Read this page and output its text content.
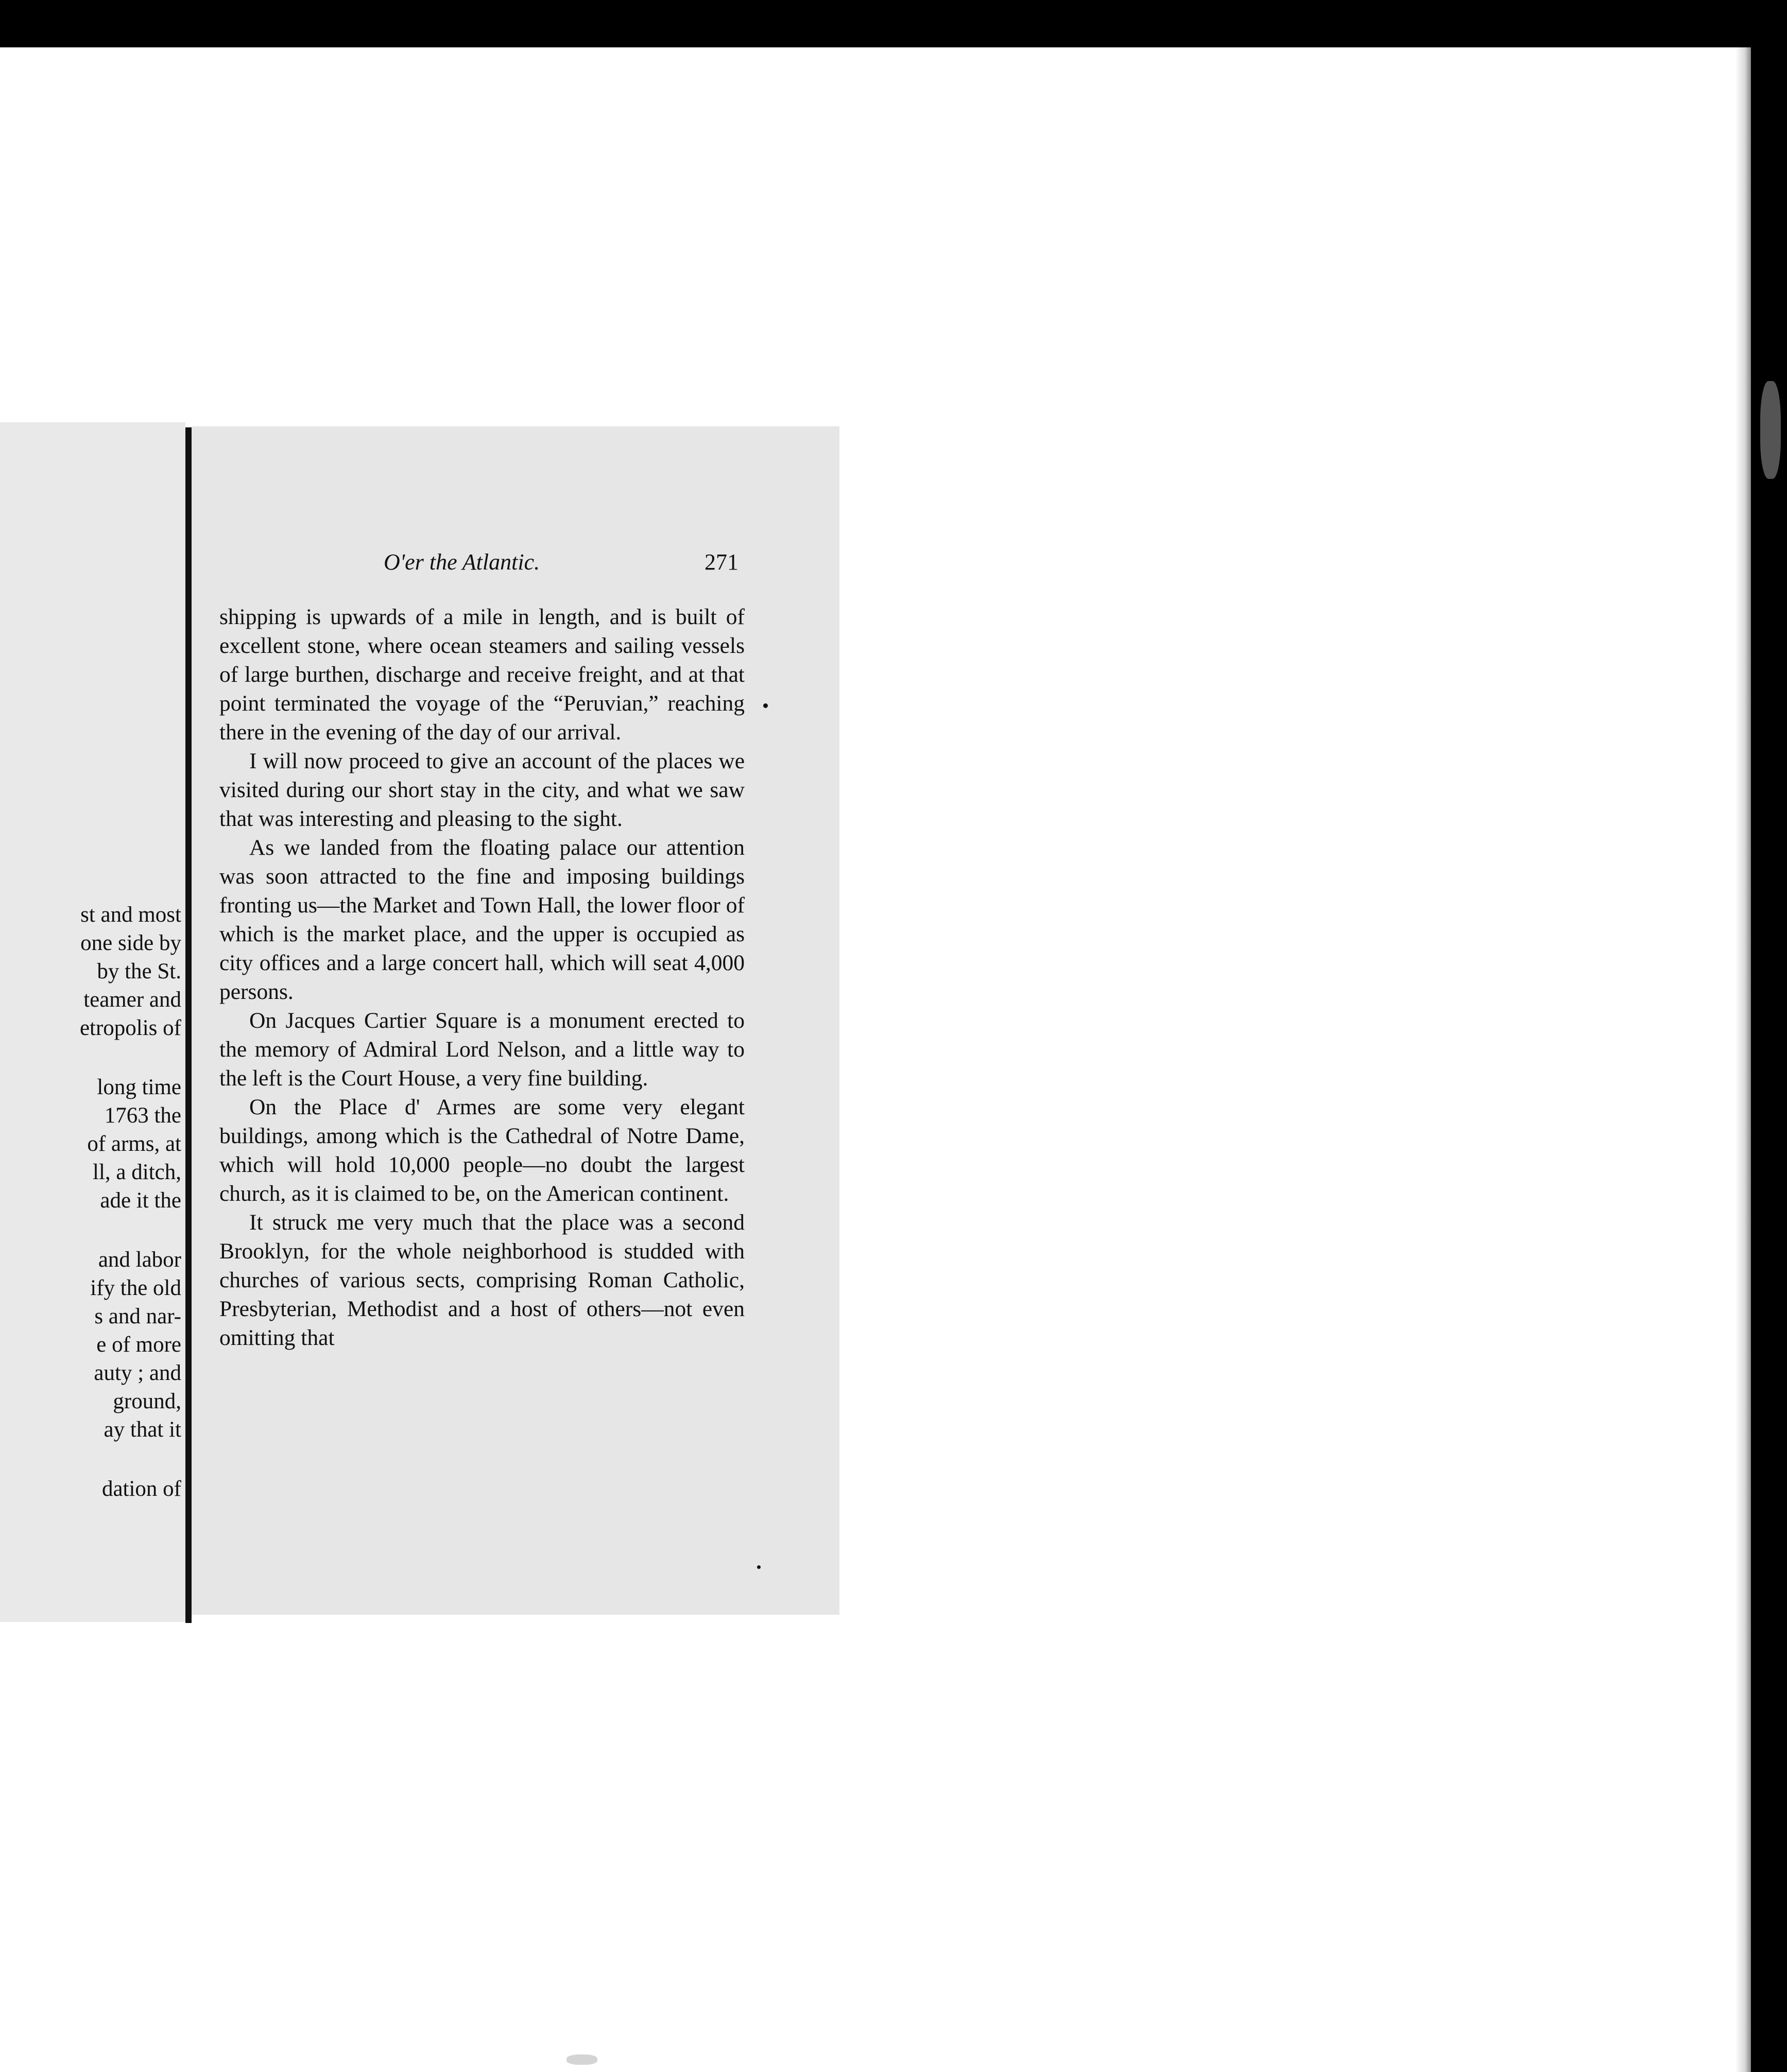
st and most
one side by
by the St.
teamer and
etropolis of
long time
1763 the
of arms, at
ll, a ditch,
ade it the
and labor
ify the old
s and nar-
e of more
auty ; and
ground,
ay that it
dation of
O'er the Atlantic.	271

shipping is upwards of a mile in length, and is built of excellent stone, where ocean steamers and sailing vessels of large burthen, discharge and receive freight, and at that point terminated the voyage of the “Peruvian,” reaching there in the evening of the day of our arrival.

I will now proceed to give an account of the places we visited during our short stay in the city, and what we saw that was interesting and pleasing to the sight.

As we landed from the floating palace our attention was soon attracted to the fine and imposing buildings fronting us—the Market and Town Hall, the lower floor of which is the market place, and the upper is occupied as city offices and a large concert hall, which will seat 4,000 persons.

On Jacques Cartier Square is a monument erected to the memory of Admiral Lord Nelson, and a little way to the left is the Court House, a very fine building.

On the Place d' Armes are some very elegant buildings, among which is the Cathedral of Notre Dame, which will hold 10,000 people—no doubt the largest church, as it is claimed to be, on the American continent.

It struck me very much that the place was a second Brooklyn, for the whole neighborhood is studded with churches of various sects, comprising Roman Catholic, Presbyterian, Methodist and a host of others—not even omitting that
